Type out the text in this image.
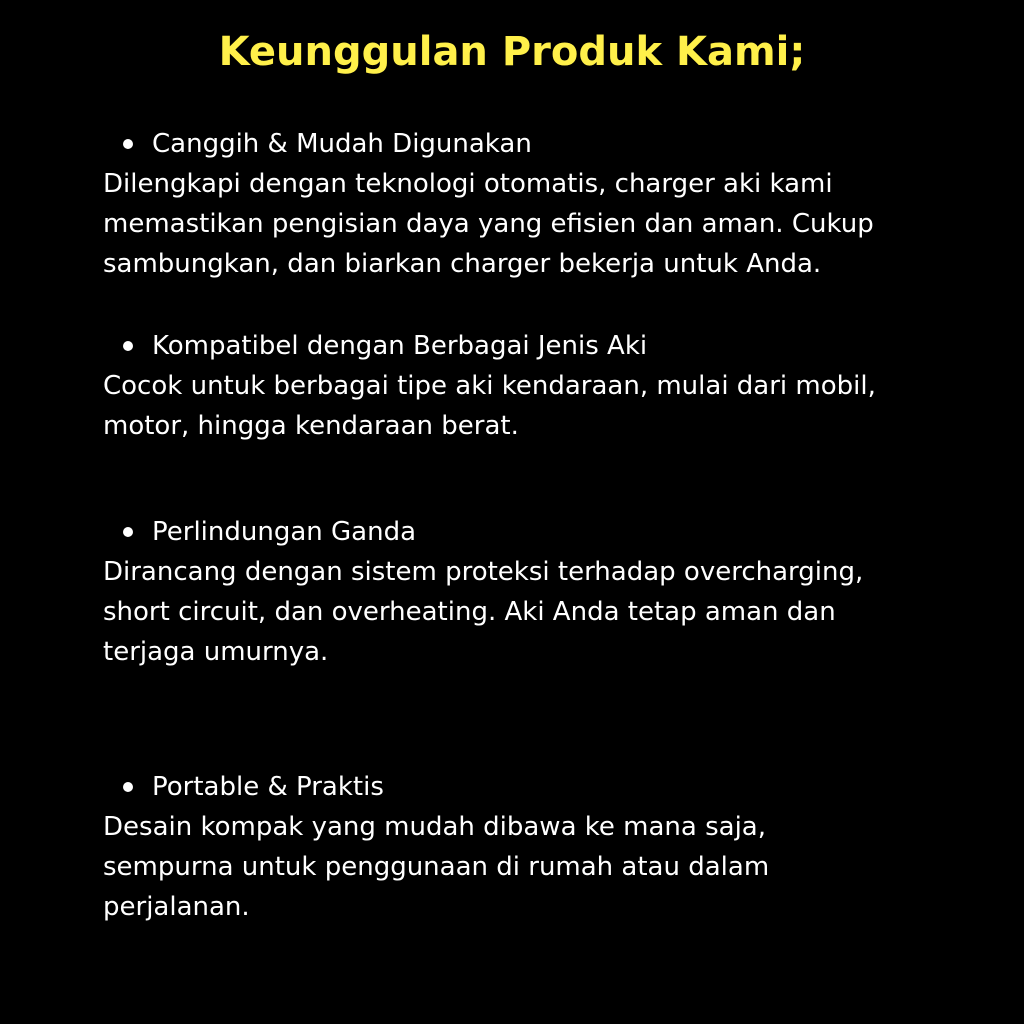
Keunggulan Produk Kami;
Canggih & Mudah Digunakan
Dilengkapi dengan teknologi otomatis, charger aki kami
memastikan pengisian daya yang efisien dan aman. Cukup
sambungkan, dan biarkan charger bekerja untuk Anda.
Kompatibel dengan Berbagai Jenis Aki
Cocok untuk berbagai tipe aki kendaraan, mulai dari mobil,
motor, hingga kendaraan berat.
Perlindungan Ganda
Dirancang dengan sistem proteksi terhadap overcharging,
short circuit, dan overheating. Aki Anda tetap aman dan
terjaga umurnya.
Portable & Praktis
Desain kompak yang mudah dibawa ke mana saja,
sempurna untuk penggunaan di rumah atau dalam
perjalanan.
